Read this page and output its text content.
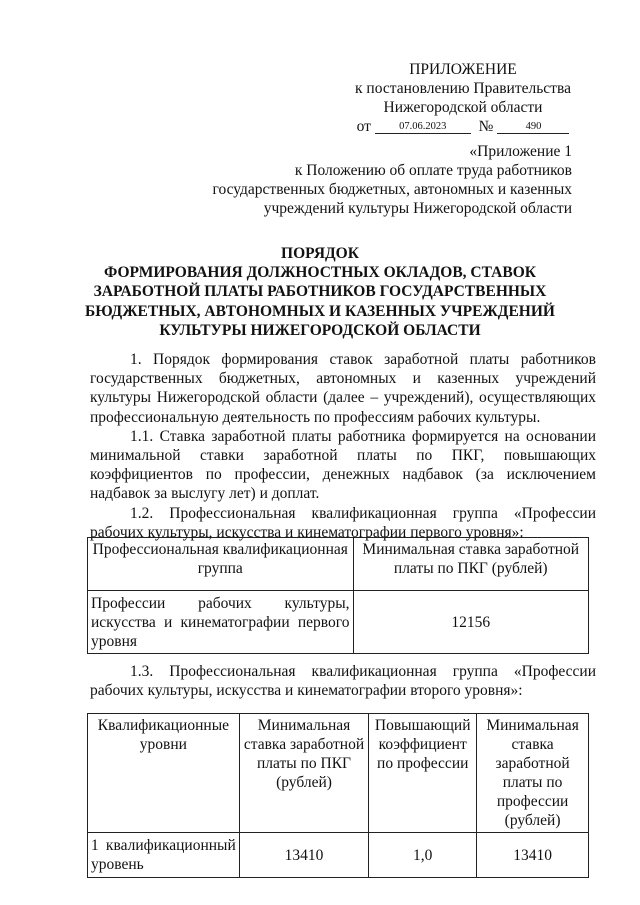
ПРИЛОЖЕНИЕ
к постановлению Правительства
Нижегородской области
от	07.06.2023 №	490
«Приложение 1
к Положению об оплате труда работников
государственных бюджетных, автономных и казенных
учреждений культуры Нижегородской области
ПОРЯДОК
ФОРМИРОВАНИЯ ДОЛЖНОСТНЫХ ОКЛАДОВ, СТАВОК
ЗАРАБОТНОЙ ПЛАТЫ РАБОТНИКОВ ГОСУДАРСТВЕННЫХ
БЮДЖЕТНЫХ, АВТОНОМНЫХ И КАЗЕННЫХ УЧРЕЖДЕНИЙ
КУЛЬТУРЫ НИЖЕГОРОДСКОЙ ОБЛАСТИ

1. Порядок формирования ставок заработной платы работников государственных бюджетных, автономных и казенных учреждений культуры Нижегородской области (далее – учреждений), осуществляющих профессиональную деятельность по профессиям рабочих культуры.

1.1. Ставка заработной платы работника формируется на основании минимальной ставки заработной платы по ПКГ, повышающих коэффициентов по профессии, денежных надбавок (за исключением надбавок за выслугу лет) и доплат.

1.2. Профессиональная квалификационная группа «Профессии рабочих культуры, искусства и кинематографии первого уровня»:

Профессиональная квалификационная группа	Минимальная ставка заработной платы по ПКГ (рублей)
Профессии рабочих культуры, искусства и кинематографии первого уровня	12156

1.3. Профессиональная квалификационная группа «Профессии рабочих культуры, искусства и кинематографии второго уровня»:

Квалификационные уровни	Минимальная ставка заработной платы по ПКГ (рублей)	Повышающий коэффициент по профессии	Минимальная ставка заработной платы по профессии (рублей)
1 квалификационный уровень	13410	1,0	13410
